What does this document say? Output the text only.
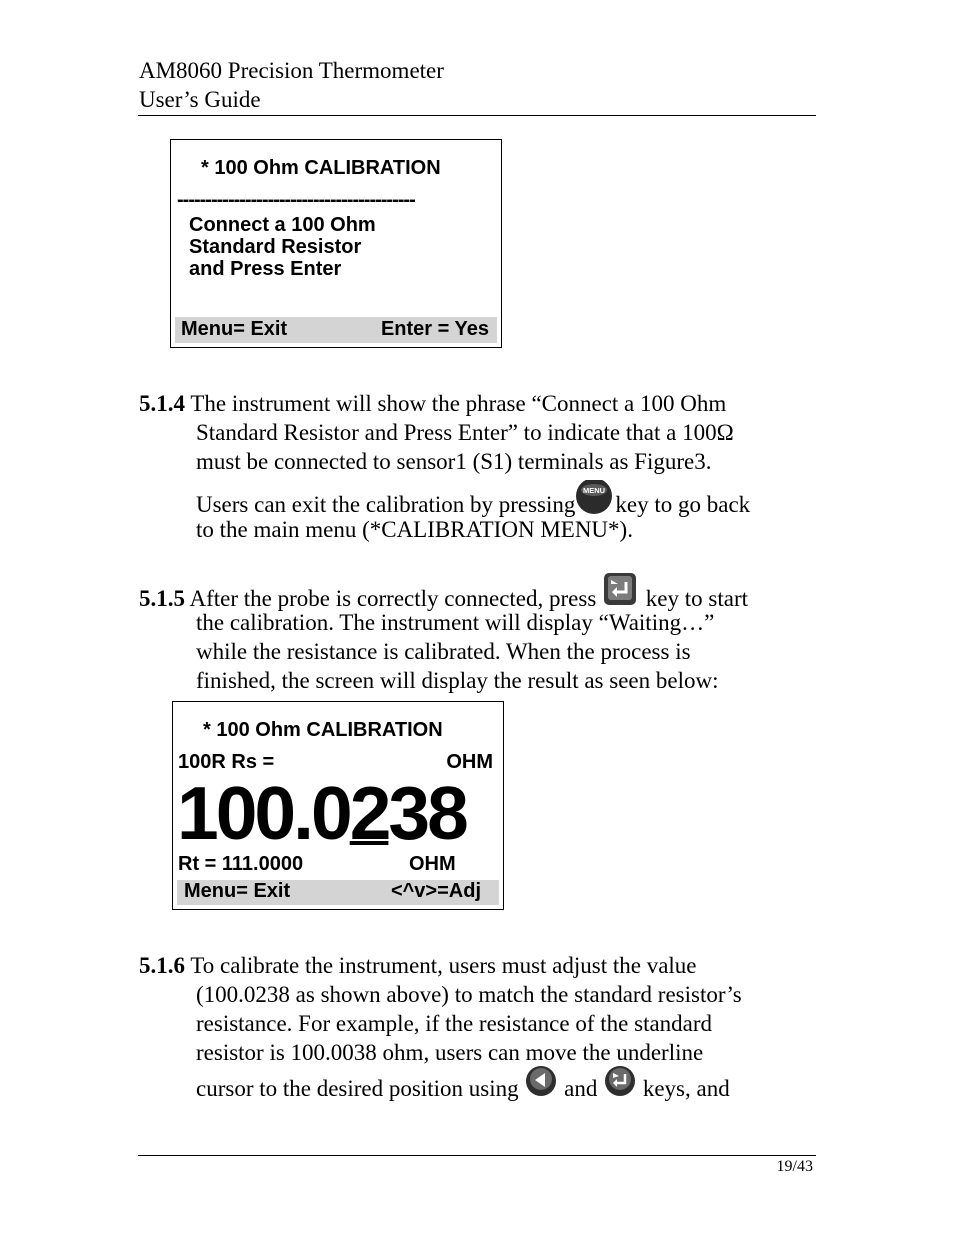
AM8060 Precision Thermometer
User’s Guide
* 100 Ohm CALIBRATION
------------------------------------------
Connect a 100 Ohm
Standard Resistor
and Press Enter
Menu= Exit	Enter = Yes
5.1.4 The instrument will show the phrase “Connect a 100 Ohm
Standard Resistor and Press Enter” to indicate that a 100Ω
must be connected to sensor1 (S1) terminals as Figure3.
Users can exit the calibration by pressing
MENU
key to go back
to the main menu (*CALIBRATION MENU*).
5.1.5 After the probe is correctly connected, press  key to start
the calibration. The instrument will display “Waiting…”
while the resistance is calibrated. When the process is
finished, the screen will display the result as seen below:
* 100 Ohm CALIBRATION
100R Rs =	OHM
100.0238
Rt = 111.0000	OHM
Menu= Exit	<^v>=Adj
5.1.6 To calibrate the instrument, users must adjust the value
(100.0238 as shown above) to match the standard resistor’s
resistance. For example, if the resistance of the standard
resistor is 100.0038 ohm, users can move the underline
cursor to the desired position using  and  keys, and
19/43
